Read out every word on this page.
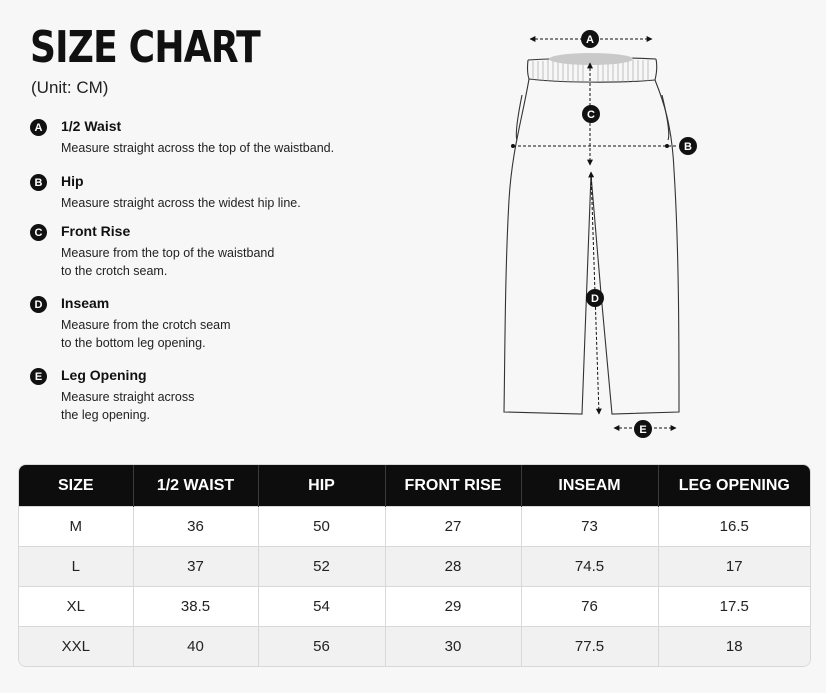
SIZE CHART
(Unit: CM)
A	1/2 Waist
Measure straight across the top of the waistband.
B	Hip
Measure straight across the widest hip line.
C	Front Rise
Measure from the top of the waistband
to the crotch seam.
D	Inseam
Measure from the crotch seam
to the bottom leg opening.
E	Leg Opening
Measure straight across
the leg opening.
A
B
C
D
E
SIZE	1/2 WAIST	HIP	FRONT RISE	INSEAM	LEG OPENING
M	36	50	27	73	16.5
L	37	52	28	74.5	17
XL	38.5	54	29	76	17.5
XXL	40	56	30	77.5	18
